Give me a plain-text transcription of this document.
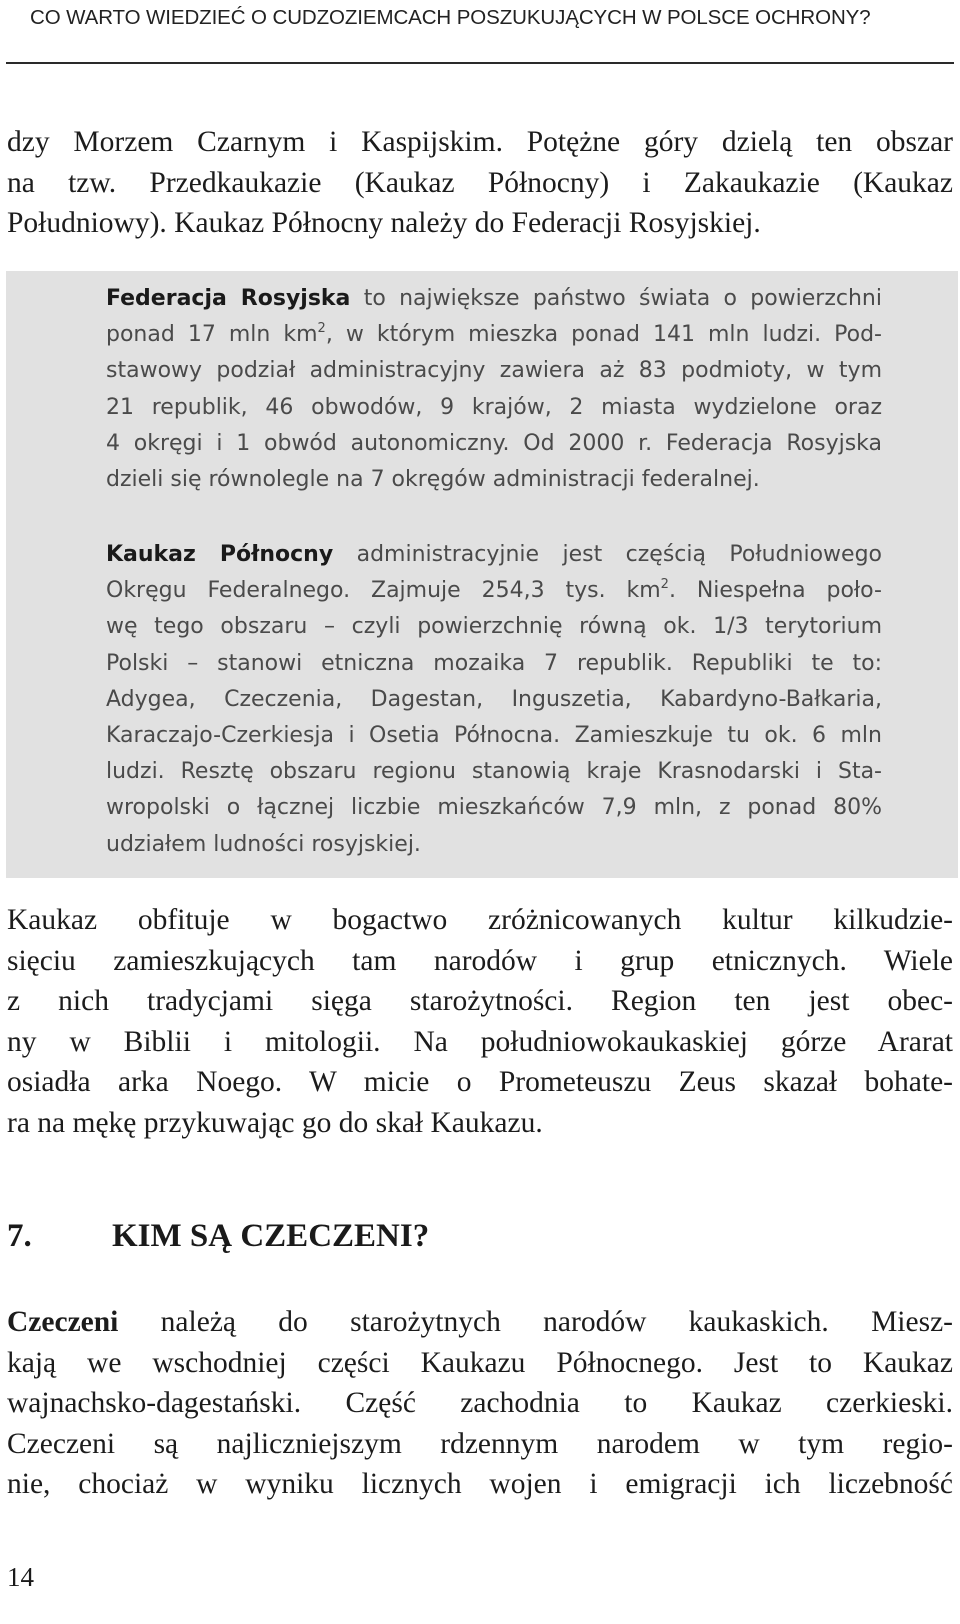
CO WARTO WIEDZIEĆ O CUDZOZIEMCACH POSZUKUJĄCYCH W POLSCE OCHRONY?
dzy Morzem Czarnym i Kaspijskim. Potężne góry dzielą ten obszar
na tzw. Przedkaukazie (Kaukaz Północny) i Zakaukazie (Kaukaz
Południowy). Kaukaz Północny należy do Federacji Rosyjskiej.
Federacja Rosyjska to największe państwo świata o powierzchni
ponad 17 mln $km^2$, w którym mieszka ponad 141 mln ludzi. Pod-
stawowy podział administracyjny zawiera aż 83 podmioty, w tym
21 republik, 46 obwodów, 9 krajów, 2 miasta wydzielone oraz
4 okręgi i 1 obwód autonomiczny. Od 2000 r. Federacja Rosyjska
dzieli się równolegle na 7 okręgów administracji federalnej.
Kaukaz Północny administracyjnie jest częścią Południowego
Okręgu Federalnego. Zajmuje 254,3 tys. $km^2$. Niespełna poło-
wę tego obszaru – czyli powierzchnię równą ok. 1/3 terytorium
Polski – stanowi etniczna mozaika 7 republik. Republiki te to:
Adygea, Czeczenia, Dagestan, Inguszetia, Kabardyno-Bałkaria,
Karaczajo-Czerkiesja i Osetia Północna. Zamieszkuje tu ok. 6 mln
ludzi. Resztę obszaru regionu stanowią kraje Krasnodarski i Sta-
wropolski o łącznej liczbie mieszkańców 7,9 mln, z ponad 80%
udziałem ludności rosyjskiej.
Kaukaz obfituje w bogactwo zróżnicowanych kultur kilkudzie-
sięciu zamieszkujących tam narodów i grup etnicznych. Wiele
z nich tradycjami sięga starożytności. Region ten jest obec-
ny w Biblii i mitologii. Na południowokaukaskiej górze Ararat
osiadła arka Noego. W micie o Prometeuszu Zeus skazał bohate-
ra na mękę przykuwając go do skał Kaukazu.
7. KIM SĄ CZECZENI?
Czeczeni należą do starożytnych narodów kaukaskich. Miesz-
kają we wschodniej części Kaukazu Północnego. Jest to Kaukaz
wajnachsko-dagestański. Część zachodnia to Kaukaz czerkieski.
Czeczeni są najliczniejszym rdzennym narodem w tym regio-
nie, chociaż w wyniku licznych wojen i emigracji ich liczebność
14
